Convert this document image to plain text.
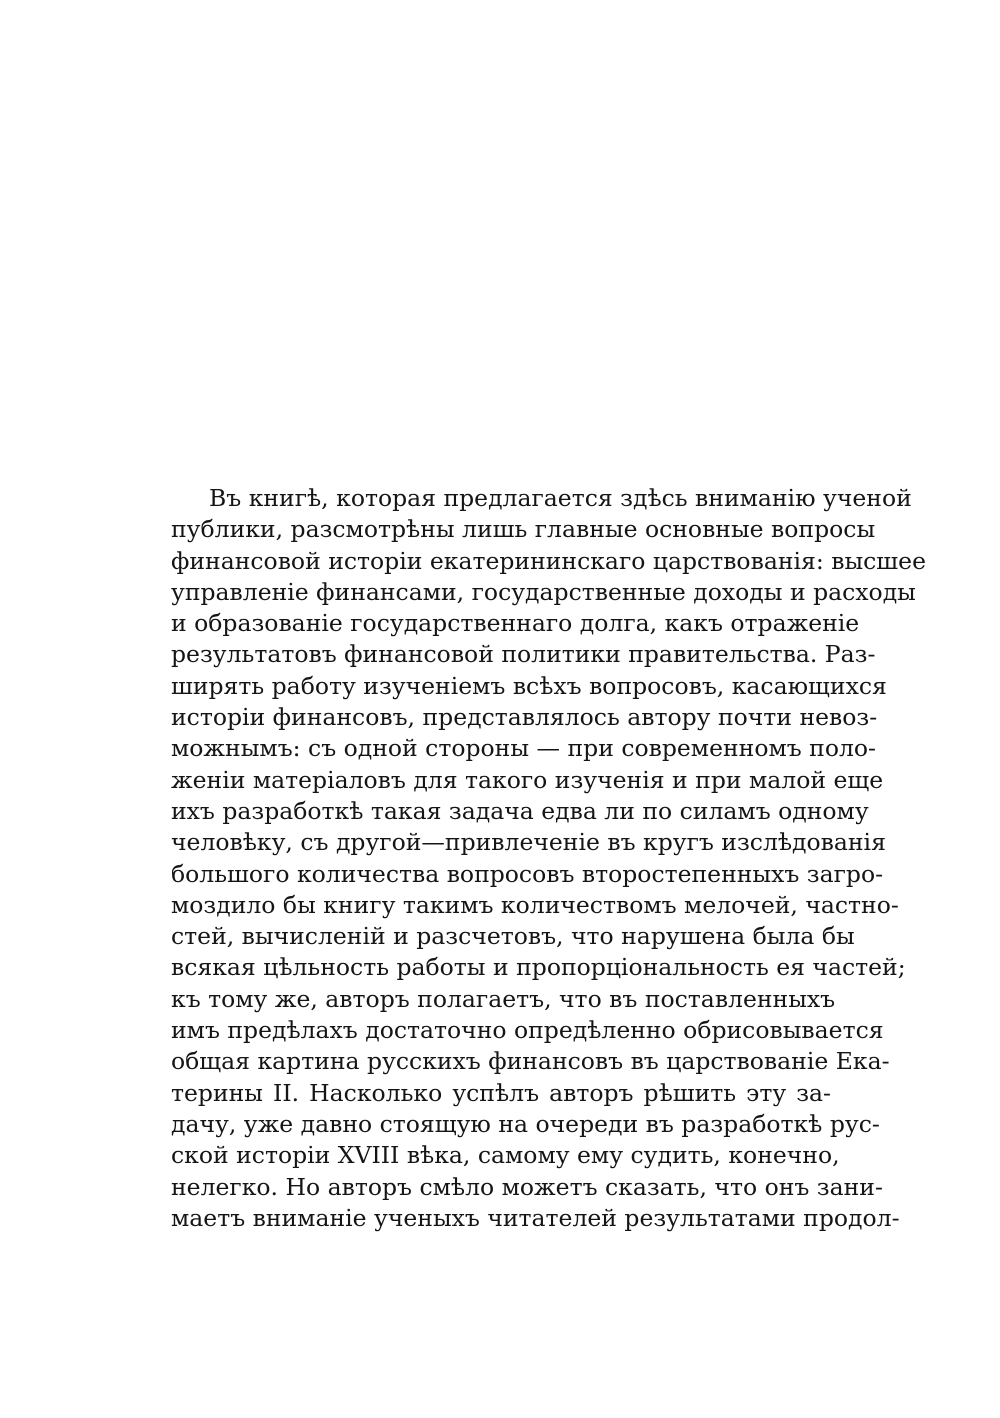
Въ книгѣ, которая предлагается здѣсь вниманію ученой
публики, разсмотрѣны лишь главные основные вопросы
финансовой исторіи екатерининскаго царствованія: высшее
управленіе финансами, государственные доходы и расходы
и образованіе государственнаго долга, какъ отраженіе
результатовъ финансовой политики правительства. Раз-
ширять работу изученіемъ всѣхъ вопросовъ, касающихся
исторіи финансовъ, представлялось автору почти невоз-
можнымъ: съ одной стороны — при современномъ поло-
женіи матеріаловъ для такого изученія и при малой еще
ихъ разработкѣ такая задача едва ли по силамъ одному
человѣку, съ другой—привлеченіе въ кругъ изслѣдованія
большого количества вопросовъ второстепенныхъ загро-
моздило бы книгу такимъ количествомъ мелочей, частно-
стей, вычисленій и разсчетовъ, что нарушена была бы
всякая цѣльность работы и пропорціональность ея частей;
къ тому же, авторъ полагаетъ, что въ поставленныхъ
имъ предѣлахъ достаточно опредѣленно обрисовывается
общая картина русскихъ финансовъ въ царствованіе Ека-
терины II. Насколько успѣлъ авторъ рѣшить эту за-
дачу, уже давно стоящую на очереди въ разработкѣ рус-
ской исторіи XVIII вѣка, самому ему судить, конечно,
нелегко. Но авторъ смѣло можетъ сказать, что онъ зани-
маетъ вниманіе ученыхъ читателей результатами продол-
